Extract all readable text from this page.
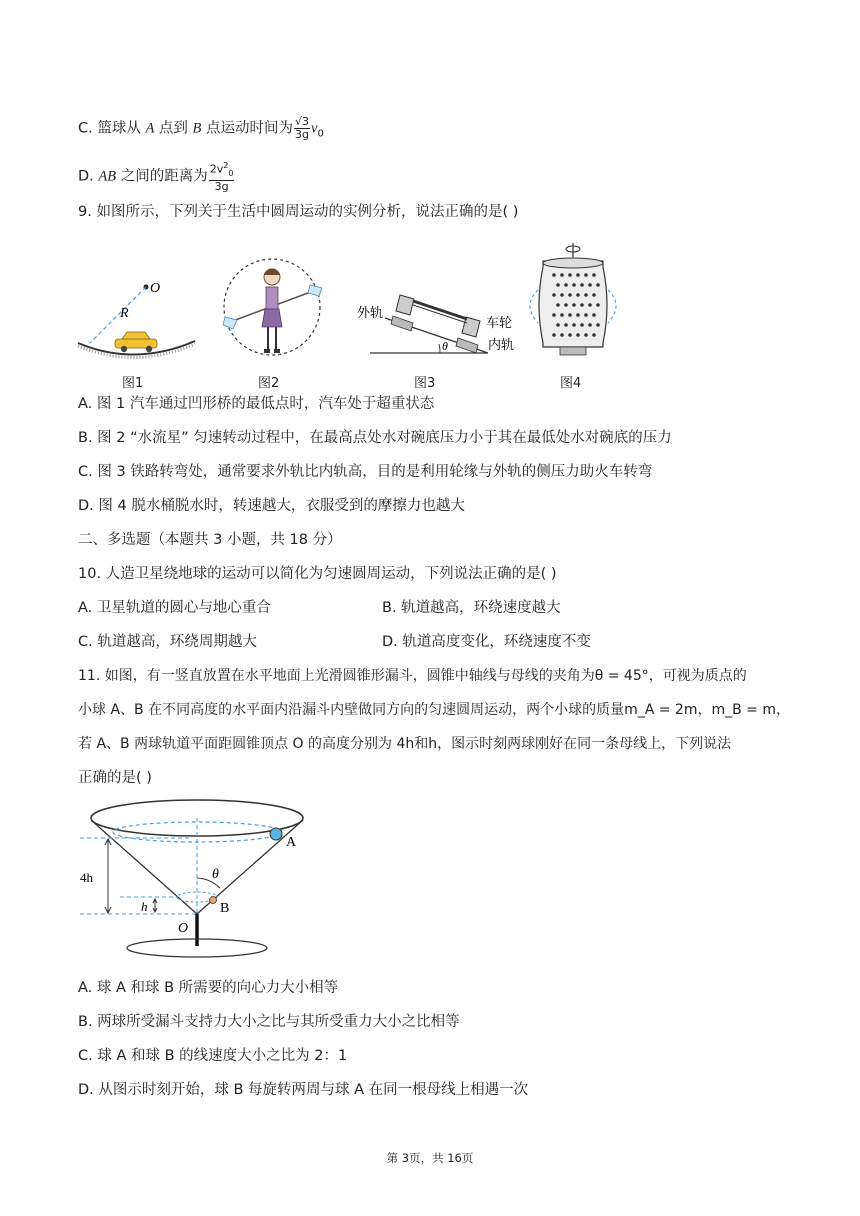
C. 篮球从 A 点到 B 点运动时间为 $\frac{√3}{3g} v_0$
D. AB 之间的距离为 $\frac{2v^2_0}{3g}$
9. 如图所示，下列关于生活中圆周运动的实例分析，说法正确的是( )
O
R	外轨
车轮
内轨
θ
图1	图2	图3	图4
A. 图 1 汽车通过凹形桥的最低点时，汽车处于超重状态
B. 图 2 “水流星” 匀速转动过程中，在最高点处水对碗底压力小于其在最低处水对碗底的压力
C. 图 3 铁路转弯处，通常要求外轨比内轨高，目的是利用轮缘与外轨的侧压力助火车转弯
D. 图 4 脱水桶脱水时，转速越大，衣服受到的摩擦力也越大
二、多选题（本题共 3 小题，共 18 分）
10. 人造卫星绕地球的运动可以简化为匀速圆周运动，下列说法正确的是( )
A. 卫星轨道的圆心与地心重合	B. 轨道越高，环绕速度越大
C. 轨道越高，环绕周期越大	D. 轨道高度变化，环绕速度不变
11. 如图，有一竖直放置在水平地面上光滑圆锥形漏斗，圆锥中轴线与母线的夹角为θ = 45°，可视为质点的
小球 A、B 在不同高度的水平面内沿漏斗内壁做同方向的匀速圆周运动，两个小球的质量m_A = 2m，m_B = m，
若 A、B 两球轨道平面距圆锥顶点 O 的高度分别为 4h和h，图示时刻两球刚好在同一条母线上，下列说法
正确的是( )
A
B
O
θ
4h
h
A. 球 A 和球 B 所需要的向心力大小相等
B. 两球所受漏斗支持力大小之比与其所受重力大小之比相等
C. 球 A 和球 B 的线速度大小之比为 2：1
D. 从图示时刻开始，球 B 每旋转两周与球 A 在同一根母线上相遇一次
第 3页，共 16页
